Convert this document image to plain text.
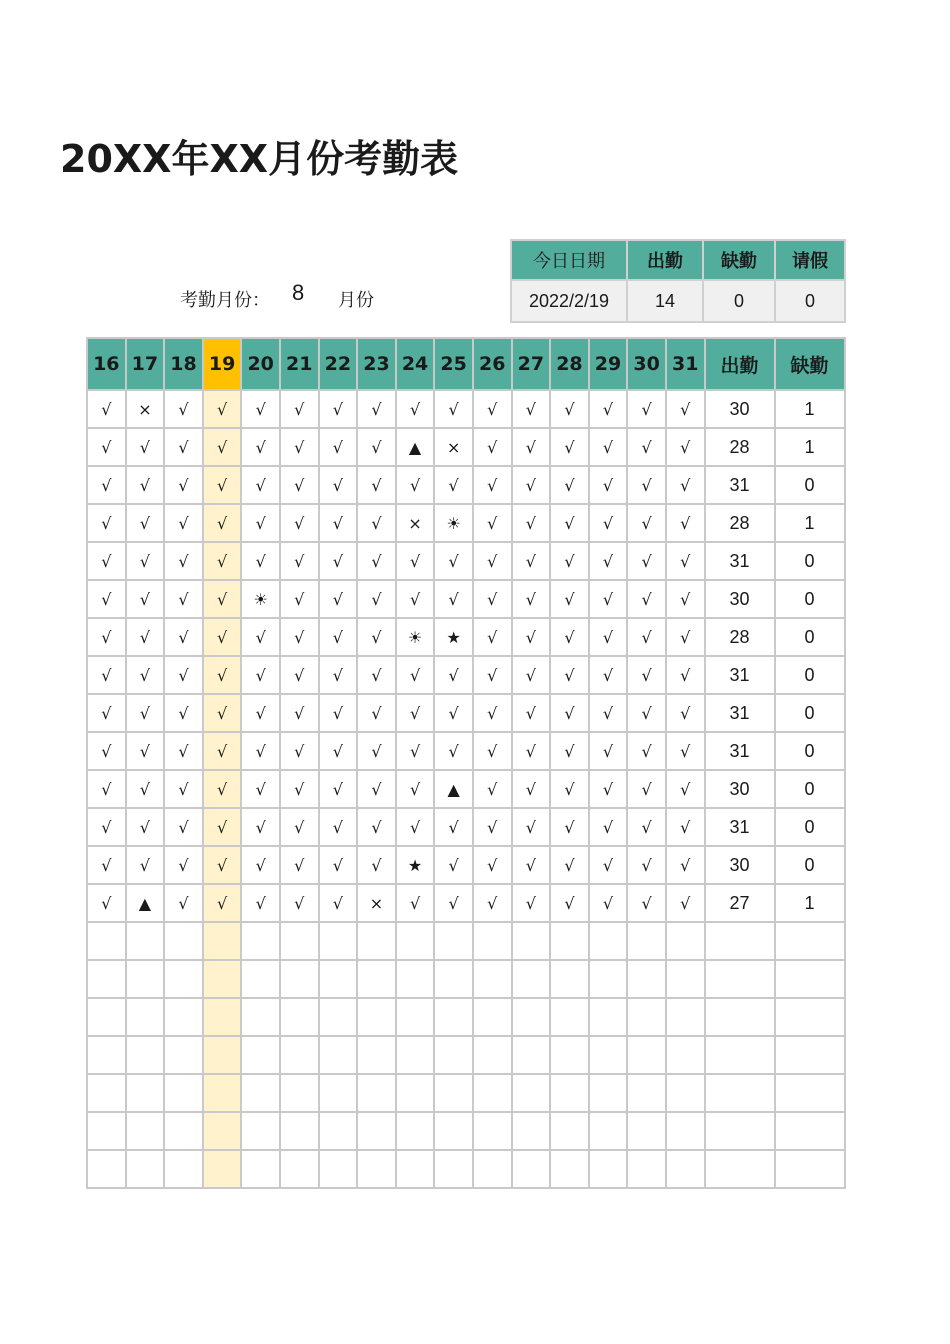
20XX年XX月份考勤表
考勤月份： 8 月份
今日日期	出勤	缺勤	请假
2022/2/19	14	0	0
16	17	18	19	20	21	22	23	24	25	26	27	28	29	30	31	出勤	缺勤
√	×	√	√	√	√	√	√	√	√	√	√	√	√	√	√	30	1
√	√	√	√	√	√	√	√	▲	×	√	√	√	√	√	√	28	1
√	√	√	√	√	√	√	√	√	√	√	√	√	√	√	√	31	0
√	√	√	√	√	√	√	√	×	☀	√	√	√	√	√	√	28	1
√	√	√	√	√	√	√	√	√	√	√	√	√	√	√	√	31	0
√	√	√	√	☀	√	√	√	√	√	√	√	√	√	√	√	30	0
√	√	√	√	√	√	√	√	☀	★	√	√	√	√	√	√	28	0
√	√	√	√	√	√	√	√	√	√	√	√	√	√	√	√	31	0
√	√	√	√	√	√	√	√	√	√	√	√	√	√	√	√	31	0
√	√	√	√	√	√	√	√	√	√	√	√	√	√	√	√	31	0
√	√	√	√	√	√	√	√	√	▲	√	√	√	√	√	√	30	0
√	√	√	√	√	√	√	√	√	√	√	√	√	√	√	√	31	0
√	√	√	√	√	√	√	√	★	√	√	√	√	√	√	√	30	0
√	▲	√	√	√	√	√	×	√	√	√	√	√	√	√	√	27	1
